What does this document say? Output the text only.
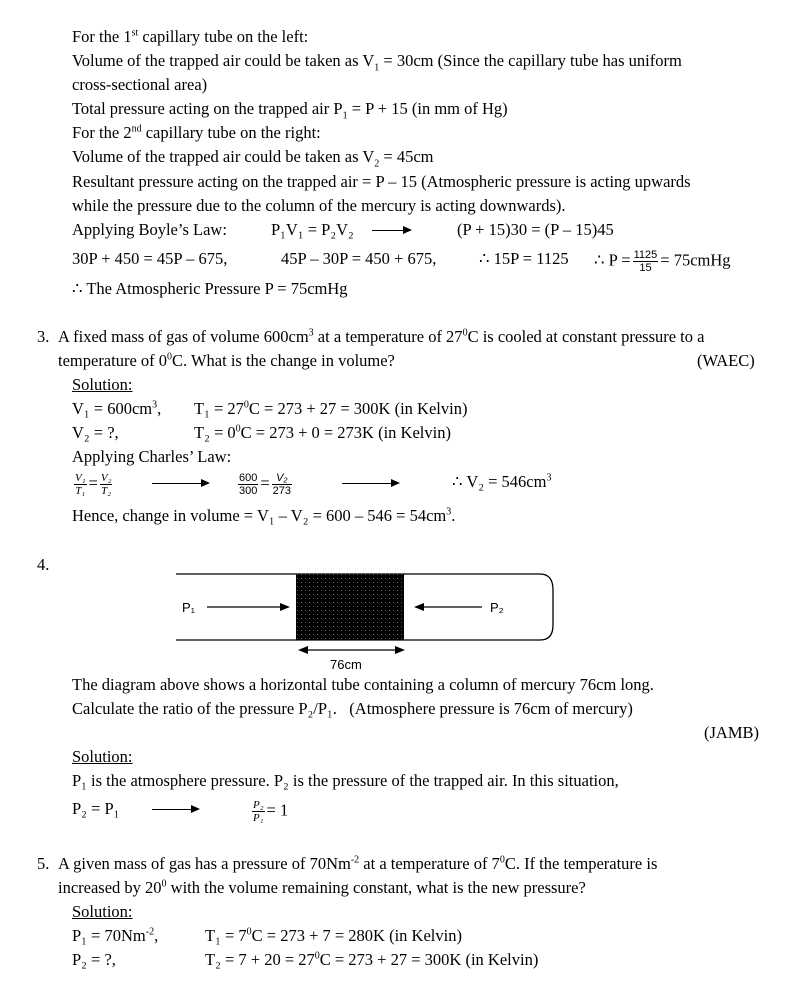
For the 1st capillary tube on the left:
Volume of the trapped air could be taken as $V_1 = 30cm$ (Since the capillary tube has uniform
cross-sectional area)
Total pressure acting on the trapped air $P_1 = P + 15$ (in mm of Hg)
For the 2nd capillary tube on the right:
Volume of the trapped air could be taken as $V_2 = 45cm$
Resultant pressure acting on the trapped air = P – 15 (Atmospheric pressure is acting upwards
while the pressure due to the column of the mercury is acting downwards).
Applying Boyle’s Law:	P₁V₁ = P₂V₂	(P + 15)30 = (P – 15)45
30P + 450 = 45P – 675,	45P – 30P = 450 + 675,	∴ 15P = 1125 ∴ $P = \frac{1125}{15}$ = 75cmHg
∴ The Atmospheric Pressure P = 75cmHg
3. A fixed mass of gas of volume $600cm^3$ at a temperature of $27^0C$ is cooled at constant pressure to a
temperature of $0^0C$. What is the change in volume?	(WAEC)
Solution:
$V_1 = 600cm^3$, $T_1 = 27^0C = 273 + 27 = 300K$ (in Kelvin)
V₂ = ?,	$T_2 = 0^0C = 273 + 0 = 273K$ (in Kelvin)
Applying Charles’ Law:
$\frac{\text{V₁}}{\text{T₁}} = \frac{\text{V₂}}{\text{T₂}}$	$\frac{600}{300} = \frac{\text{V₂}}{273}$	∴ $V_2 = 546cm^3$
Hence, change in volume = $V_1 - V_2 = 600 - 546 = 54cm^3$.
4.
P₁	P₂
76cm
The diagram above shows a horizontal tube containing a column of mercury 76cm long.
Calculate the ratio of the pressure P₂/P₁. (Atmosphere pressure is 76cm of mercury)
(JAMB)
Solution:
P₁ is the atmosphere pressure. P₂ is the pressure of the trapped air. In this situation,
P₂ = P₁	$\frac{\text{P₂}}{\text{P₁}} = 1$
5. A given mass of gas has a pressure of $70Nm^{-2}$ at a temperature of $7^0C$. If the temperature is
increased by $20^0$ with the volume remaining constant, what is the new pressure?
Solution:
$P_1 = 70Nm^{-2}$,	$T_1 = 7^0C = 273 + 7 = 280K$ (in Kelvin)
P₂ = ?,	$T_2 = 7 + 20 = 27^0C = 273 + 27 = 300K$ (in Kelvin)
